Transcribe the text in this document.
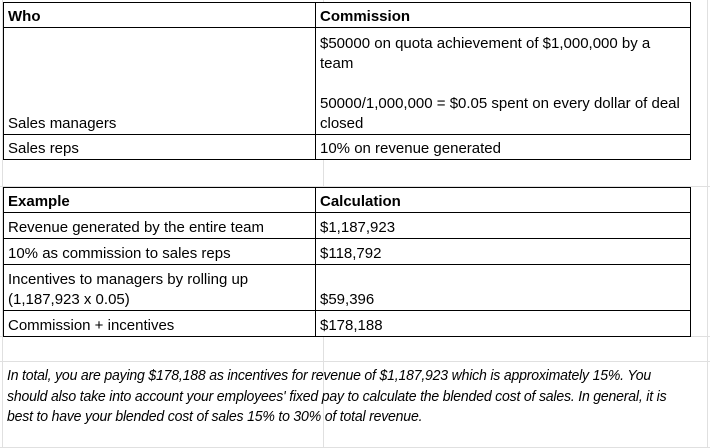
Who	Commission
Sales managers	$50000 on quota achievement of $1,000,000 by a team
50000/1,000,000 = $0.05 spent on every dollar of deal closed

Sales reps	10% on revenue generated
Example	Calculation
Revenue generated by the entire team	$1,187,923
10% as commission to sales reps	$118,792

Incentives to managers by rolling up
(1,187,923 x 0.05)	$59,396
Commission + incentives	$178,188
In total, you are paying $178,188 as incentives for revenue of $1,187,923 which is approximately 15%. You should also take into account your employees' fixed pay to calculate the blended cost of sales. In general, it is best to have your blended cost of sales 15% to 30% of total revenue.
